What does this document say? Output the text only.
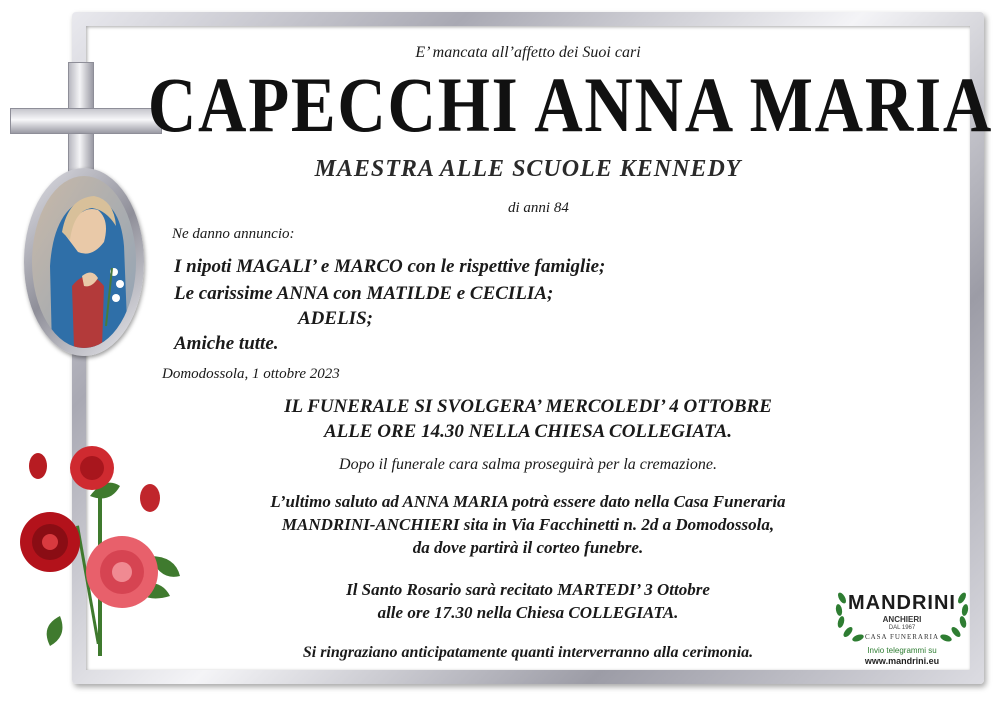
E’ mancata all’affetto dei Suoi cari
CAPECCHI ANNA MARIA
MAESTRA ALLE SCUOLE KENNEDY
di anni 84
Ne danno annuncio:
I nipoti MAGALI’ e MARCO con le rispettive famiglie;
Le carissime ANNA con MATILDE e CECILIA;
ADELIS;
Amiche tutte.
Domodossola, 1 ottobre 2023
IL FUNERALE SI SVOLGERA’ MERCOLEDI’ 4 OTTOBRE
ALLE ORE 14.30 NELLA CHIESA COLLEGIATA.
Dopo il funerale cara salma proseguirà per la cremazione.
L’ultimo saluto ad ANNA MARIA potrà essere dato nella Casa Funeraria
MANDRINI-ANCHIERI sita in Via Facchinetti n. 2d a Domodossola,
da dove partirà il corteo funebre.
Il Santo Rosario sarà recitato MARTEDI’ 3 Ottobre
alle ore 17.30 nella Chiesa COLLEGIATA.
Si ringraziano anticipatamente quanti interverranno alla cerimonia.
MANDRINI
ANCHIERI
DAL 1967
CASA FUNERARIA
Invio telegrammi su
www.mandrini.eu
